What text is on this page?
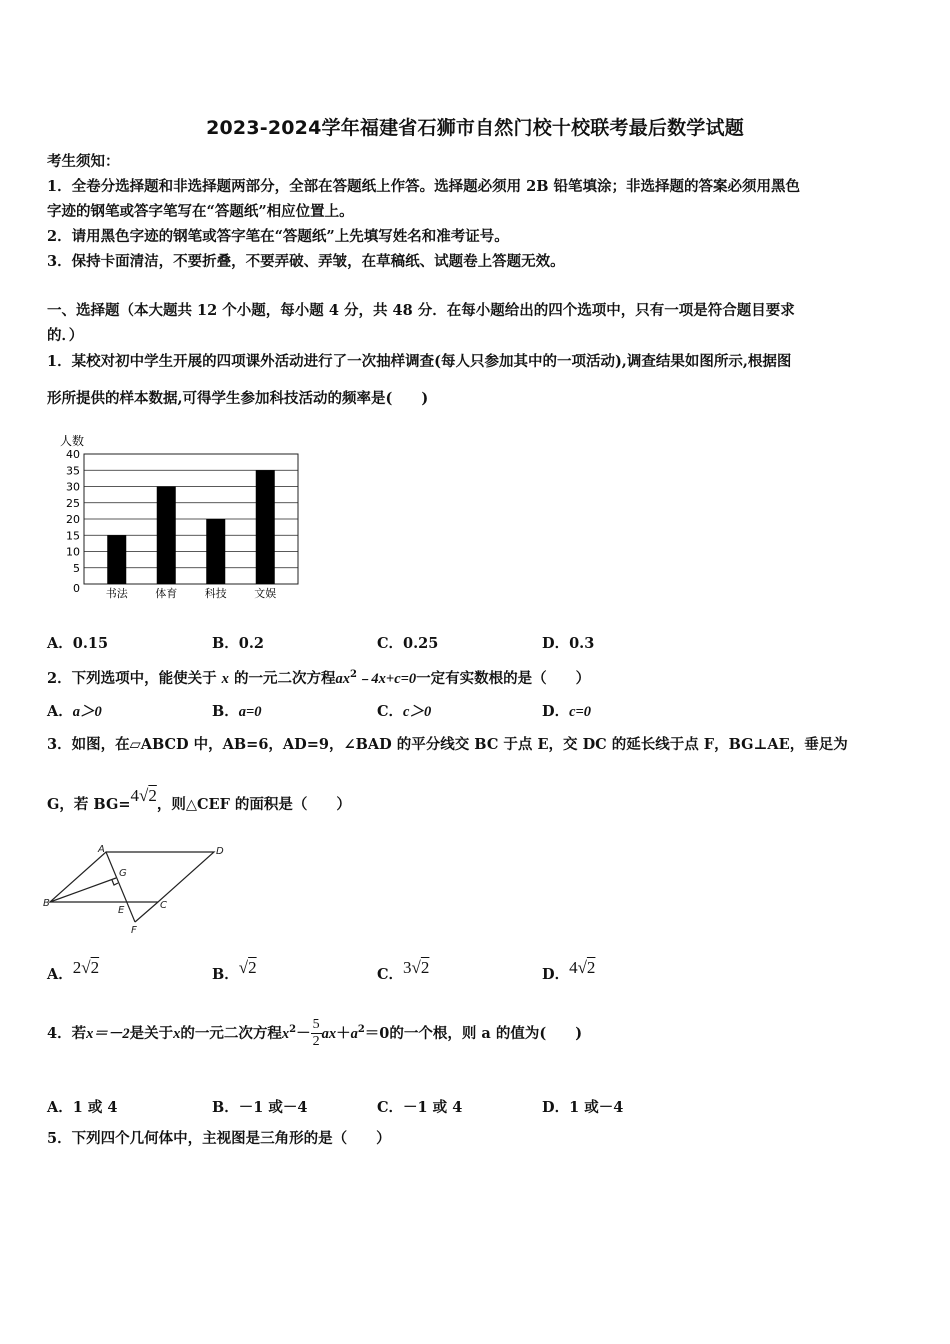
2023-2024学年福建省石狮市自然门校十校联考最后数学试题
考生须知：
1．全卷分选择题和非选择题两部分，全部在答题纸上作答。选择题必须用 2B 铅笔填涂；非选择题的答案必须用黑色
字迹的钢笔或答字笔写在“答题纸”相应位置上。
2．请用黑色字迹的钢笔或答字笔在“答题纸”上先填写姓名和准考证号。
3．保持卡面清洁，不要折叠，不要弄破、弄皱，在草稿纸、试题卷上答题无效。
一、选择题（本大题共 12 个小题，每小题 4 分，共 48 分．在每小题给出的四个选项中，只有一项是符合题目要求
的．）
1．某校对初中学生开展的四项课外活动进行了一次抽样调查(每人只参加其中的一项活动),调查结果如图所示,根据图
形所提供的样本数据,可得学生参加科技活动的频率是(　　)
人数
0
5
10
15
20
25
30
35
40
书法	体育	科技	文娱
A．0.15	B．0.2	C．0.25	D．0.3
2．下列选项中，能使关于 x 的一元二次方程$ax^2﹣4x+c=0$一定有实数根的是（　　）
A．a＞0	B．a=0	C．c＞0	D．c=0
3．如图，在▱ABCD 中，AB=6，AD=9，∠BAD 的平分线交 BC 于点 E，交 DC 的延长线于点 F，BG⊥AE，垂足为
G，若 BG=4√2，则△CEF 的面积是（　　）
A	D
B
G
E	C
F
A．2√2	B．√2	C．3√2	D．4√2
4．若x＝－2是关于x的一元二次方程$x^2- \frac{5}{2} ax+a^2=0$的一个根，则 a 的值为(　　)
A．1 或 4	B．－1 或－4	C．－1 或 4	D．1 或－4
5．下列四个几何体中，主视图是三角形的是（　　）
